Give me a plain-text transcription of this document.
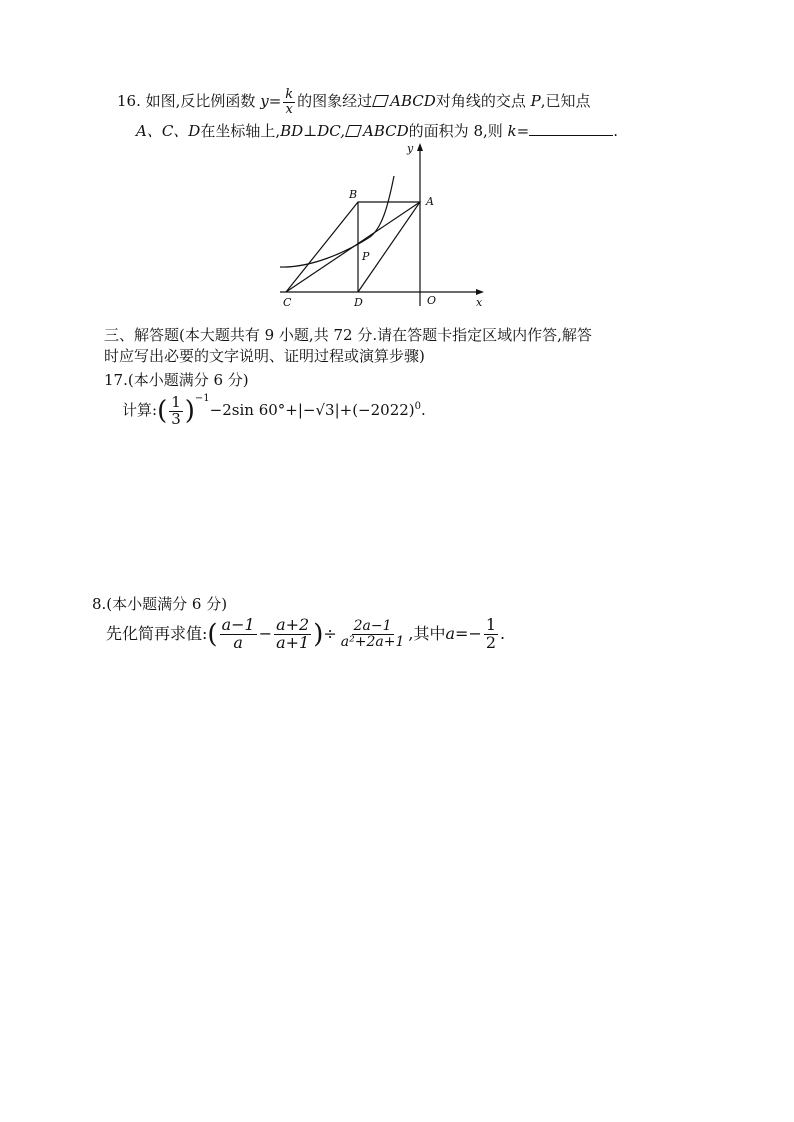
16. 如图,反比例函数 $y= \frac{k}{x}$ 的图象经过 ABCD对角线的交点 P,已知点
A、C、D在坐标轴上,BD⊥DC, ABCD的面积为 8,则 k=	.
B
A
P
C	D	O	x
y
三、解答题(本大题共有 9 小题,共 72 分.请在答题卡指定区域内作答,解答
时应写出必要的文字说明、证明过程或演算步骤)
17.(本小题满分 6 分)
计算:( $\frac{1}{3} )^{-1}-2\sin$ $60^\circ+|-√3|+(-2022)^0$.
8.(本小题满分 6 分)
先化简再求值:( $\frac{a-1}{a} - \frac{a+2}{a+1}$ )÷ $\frac{2a-1}{\text{a²+2a+1}}$ ,其中$a=- \frac{1}{2}$ .
